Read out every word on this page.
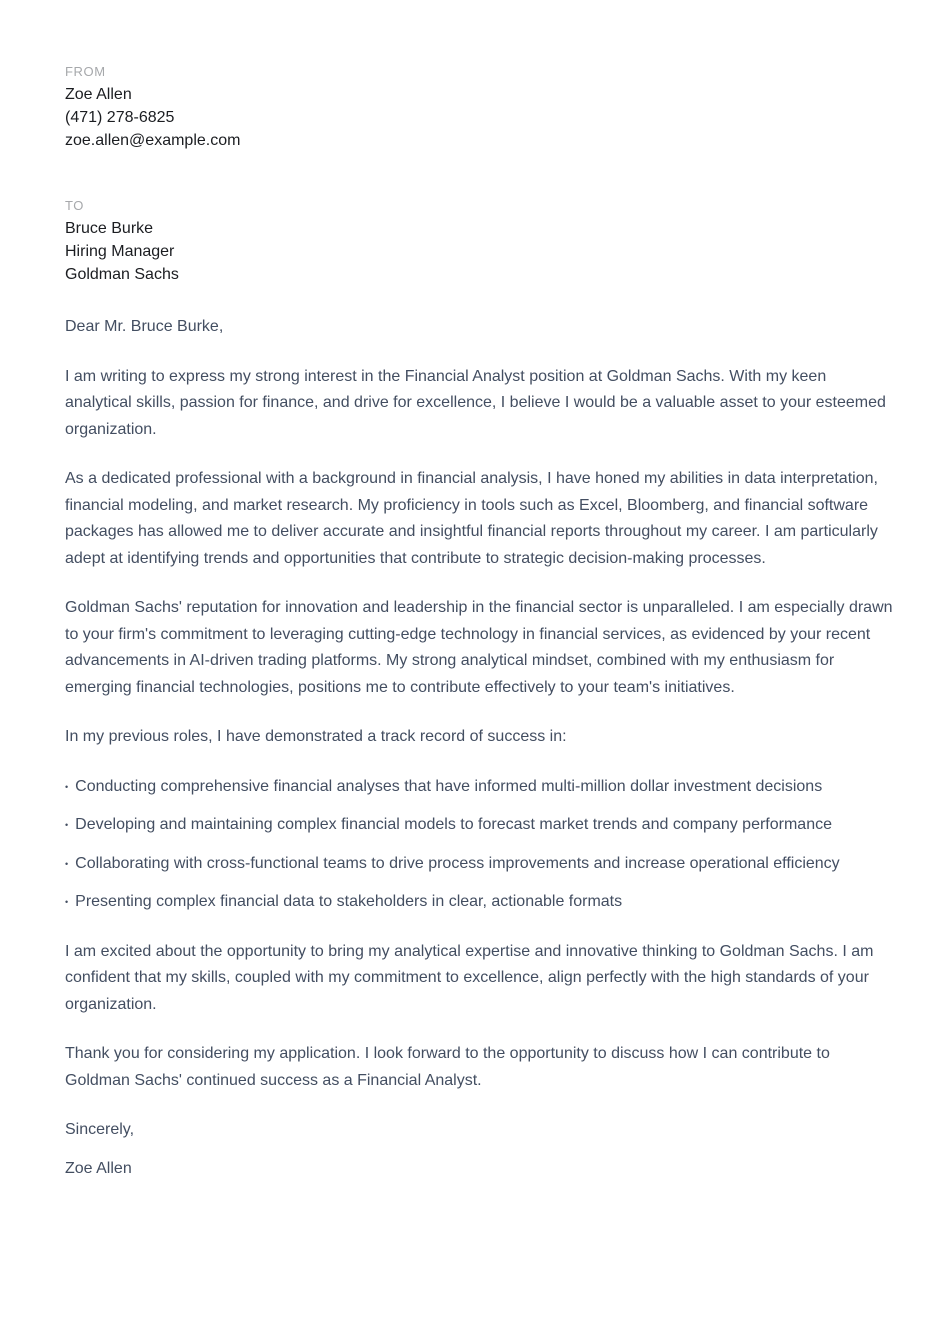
FROM
Zoe Allen
(471) 278-6825
zoe.allen@example.com
TO
Bruce Burke
Hiring Manager
Goldman Sachs

Dear Mr. Bruce Burke,

I am writing to express my strong interest in the Financial Analyst position at Goldman Sachs. With my keen analytical skills, passion for finance, and drive for excellence, I believe I would be a valuable asset to your esteemed organization.

As a dedicated professional with a background in financial analysis, I have honed my abilities in data interpretation, financial modeling, and market research. My proficiency in tools such as Excel, Bloomberg, and financial software packages has allowed me to deliver accurate and insightful financial reports throughout my career. I am particularly adept at identifying trends and opportunities that contribute to strategic decision-making processes.

Goldman Sachs' reputation for innovation and leadership in the financial sector is unparalleled. I am especially drawn to your firm's commitment to leveraging cutting-edge technology in financial services, as evidenced by your recent advancements in AI-driven trading platforms. My strong analytical mindset, combined with my enthusiasm for emerging financial technologies, positions me to contribute effectively to your team's initiatives.

In my previous roles, I have demonstrated a track record of success in:

• Conducting comprehensive financial analyses that have informed multi-million dollar investment decisions

• Developing and maintaining complex financial models to forecast market trends and company performance

• Collaborating with cross-functional teams to drive process improvements and increase operational efficiency

• Presenting complex financial data to stakeholders in clear, actionable formats

I am excited about the opportunity to bring my analytical expertise and innovative thinking to Goldman Sachs. I am confident that my skills, coupled with my commitment to excellence, align perfectly with the high standards of your organization.

Thank you for considering my application. I look forward to the opportunity to discuss how I can contribute to Goldman Sachs' continued success as a Financial Analyst.

Sincerely,

Zoe Allen
